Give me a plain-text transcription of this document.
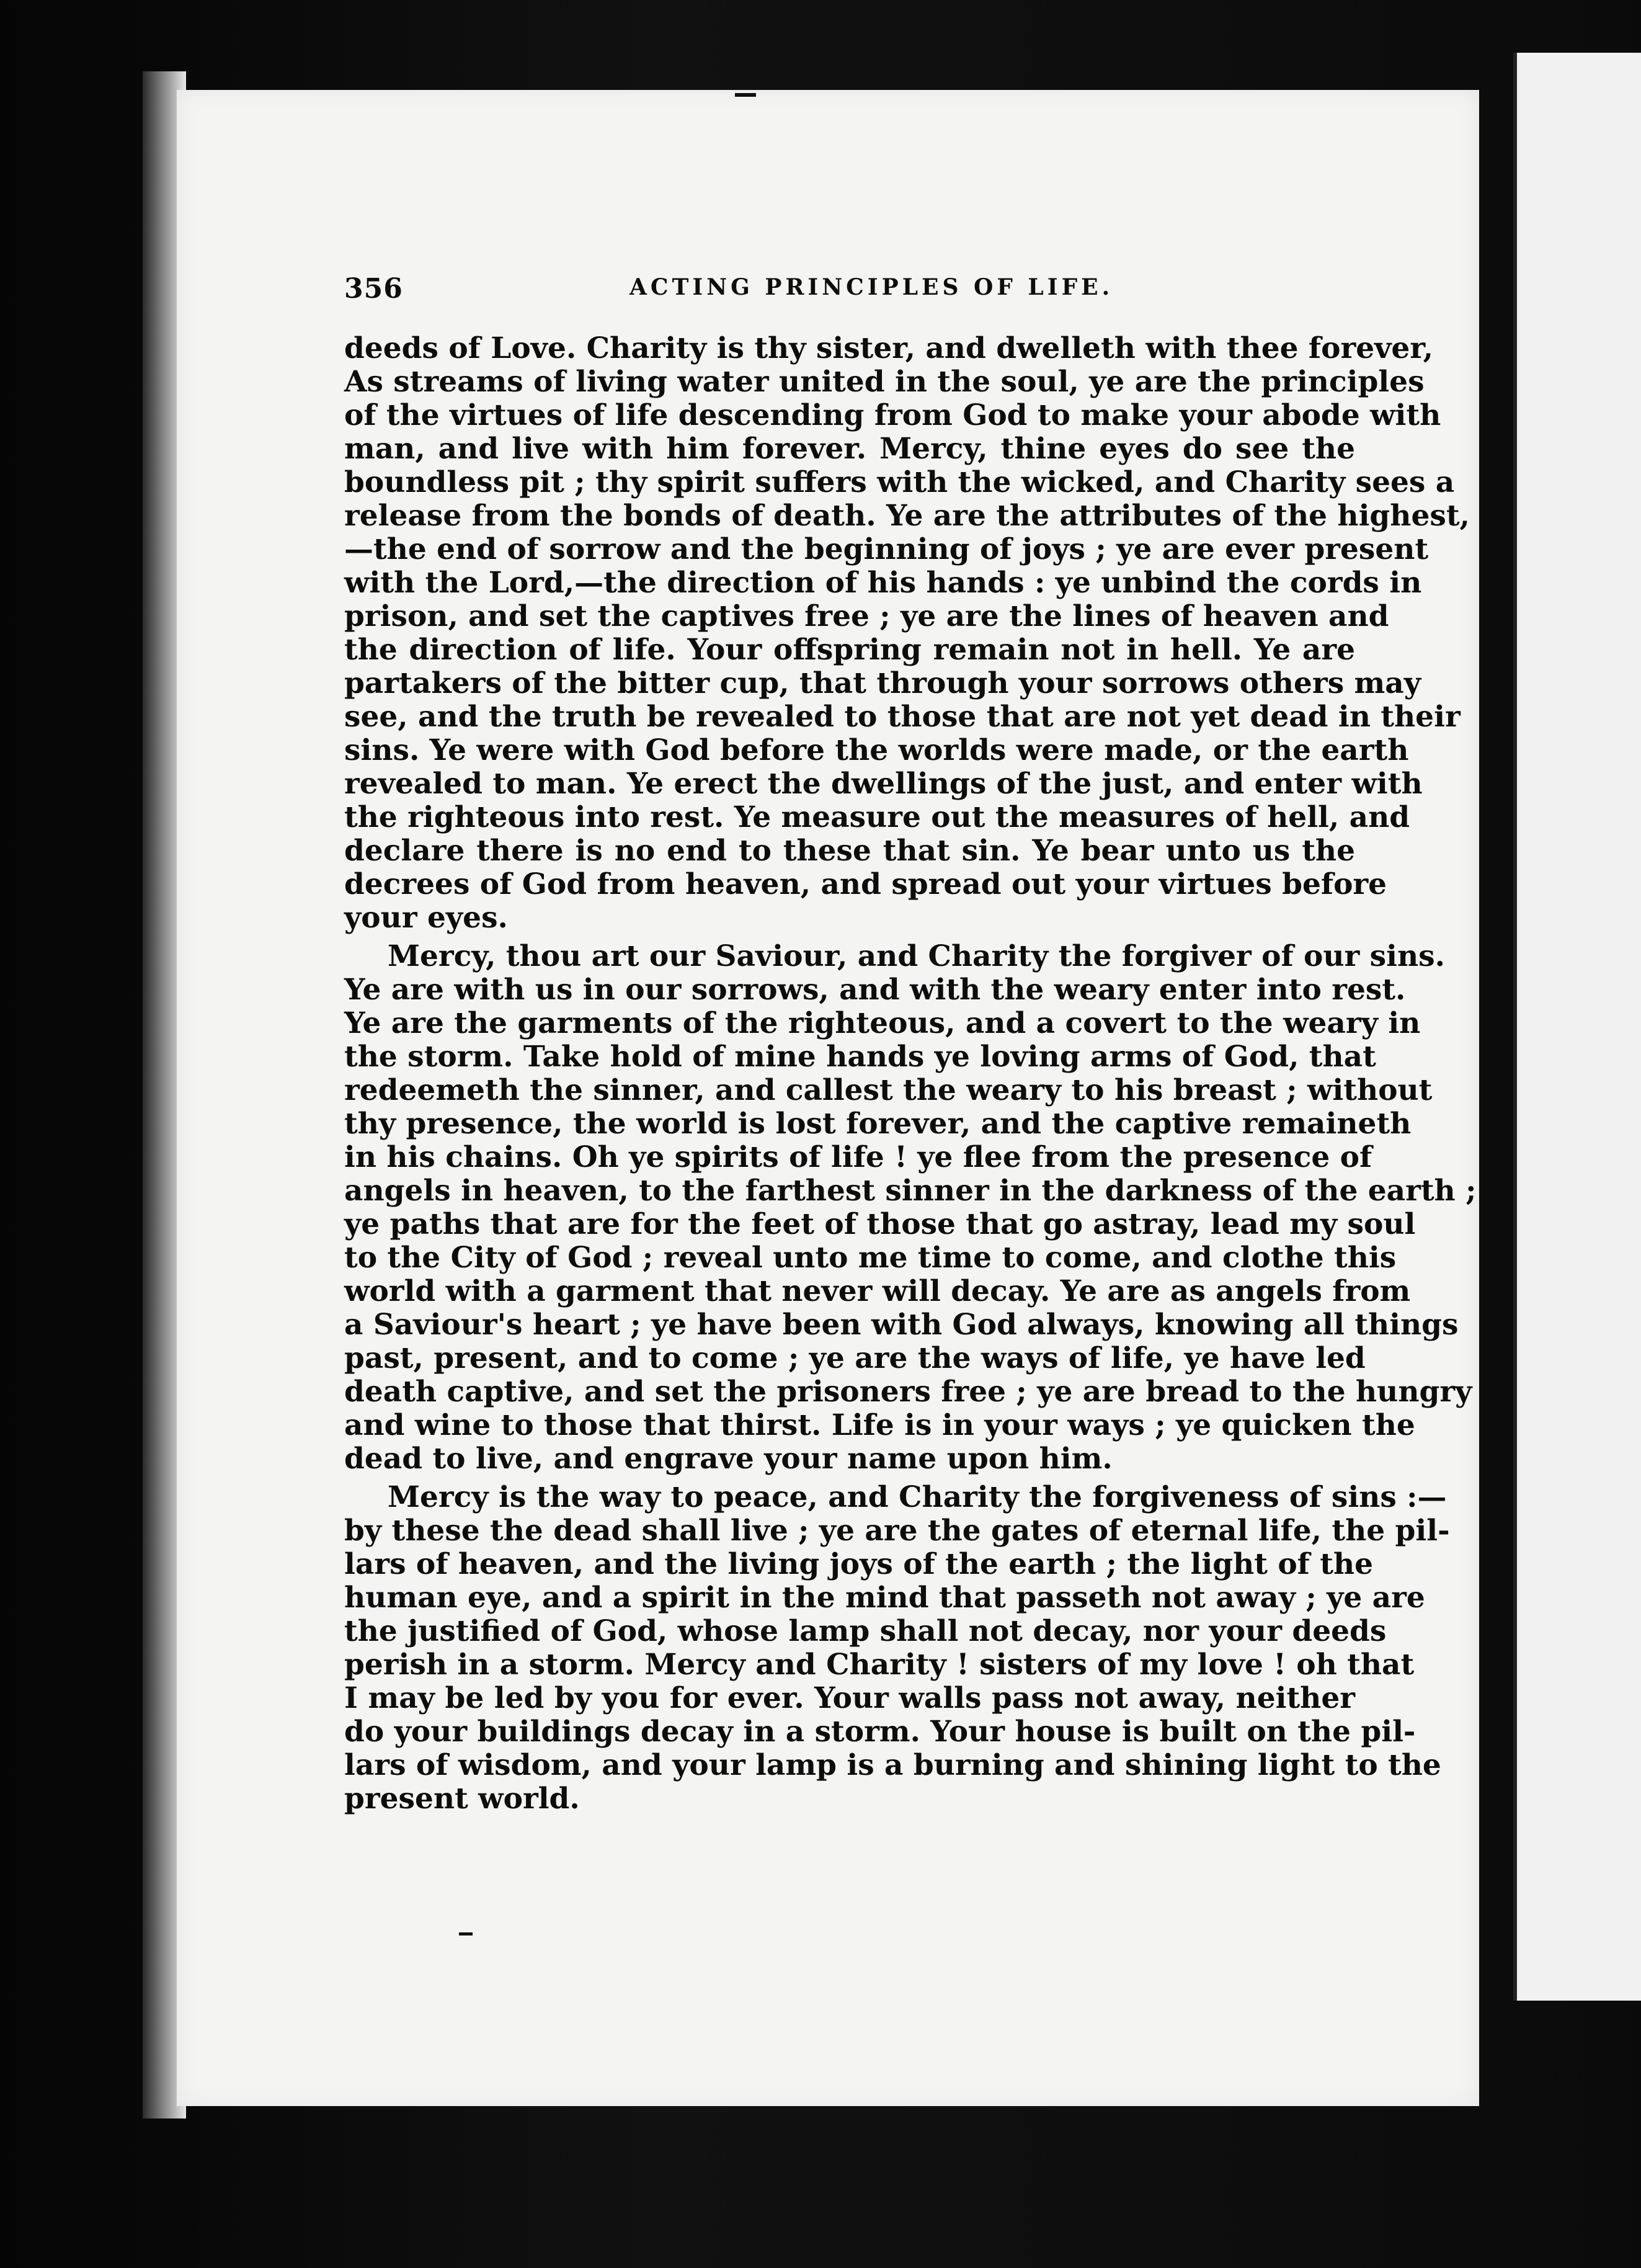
356	ACTING PRINCIPLES OF LIFE.
deeds of Love. Charity is thy sister, and dwelleth with thee forever,
As streams of living water united in the soul, ye are the principles
of the virtues of life descending from God to make your abode with
man, and live with him forever. Mercy, thine eyes do see the
boundless pit ; thy spirit suffers with the wicked, and Charity sees a
release from the bonds of death. Ye are the attributes of the highest,
—the end of sorrow and the beginning of joys ; ye are ever present
with the Lord,—the direction of his hands : ye unbind the cords in
prison, and set the captives free ; ye are the lines of heaven and
the direction of life. Your offspring remain not in hell. Ye are
partakers of the bitter cup, that through your sorrows others may
see, and the truth be revealed to those that are not yet dead in their
sins. Ye were with God before the worlds were made, or the earth
revealed to man. Ye erect the dwellings of the just, and enter with
the righteous into rest. Ye measure out the measures of hell, and
declare there is no end to these that sin. Ye bear unto us the
decrees of God from heaven, and spread out your virtues before
your eyes.
Mercy, thou art our Saviour, and Charity the forgiver of our sins.
Ye are with us in our sorrows, and with the weary enter into rest.
Ye are the garments of the righteous, and a covert to the weary in
the storm. Take hold of mine hands ye loving arms of God, that
redeemeth the sinner, and callest the weary to his breast ; without
thy presence, the world is lost forever, and the captive remaineth
in his chains. Oh ye spirits of life ! ye flee from the presence of
angels in heaven, to the farthest sinner in the darkness of the earth ;
ye paths that are for the feet of those that go astray, lead my soul
to the City of God ; reveal unto me time to come, and clothe this
world with a garment that never will decay. Ye are as angels from
a Saviour's heart ; ye have been with God always, knowing all things
past, present, and to come ; ye are the ways of life, ye have led
death captive, and set the prisoners free ; ye are bread to the hungry
and wine to those that thirst. Life is in your ways ; ye quicken the
dead to live, and engrave your name upon him.
Mercy is the way to peace, and Charity the forgiveness of sins :—
by these the dead shall live ; ye are the gates of eternal life, the pil-
lars of heaven, and the living joys of the earth ; the light of the
human eye, and a spirit in the mind that passeth not away ; ye are
the justified of God, whose lamp shall not decay, nor your deeds
perish in a storm. Mercy and Charity ! sisters of my love ! oh that
I may be led by you for ever. Your walls pass not away, neither
do your buildings decay in a storm. Your house is built on the pil-
lars of wisdom, and your lamp is a burning and shining light to the
present world.
